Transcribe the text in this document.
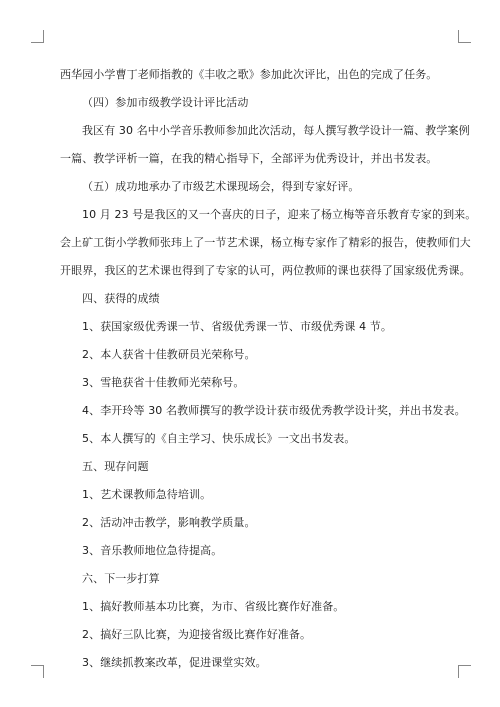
西华园小学曹丁老师指教的《丰收之歌》参加此次评比，出色的完成了任务。

（四）参加市级教学设计评比活动

我区有 30 名中小学音乐教师参加此次活动，每人撰写教学设计一篇、教学案例

一篇、教学评析一篇，在我的精心指导下，全部评为优秀设计，并出书发表。

（五）成功地承办了市级艺术课现场会，得到专家好评。

10 月 23 号是我区的又一个喜庆的日子，迎来了杨立梅等音乐教育专家的到来。

会上矿工街小学教师张玮上了一节艺术课，杨立梅专家作了精彩的报告，使教师们大

开眼界，我区的艺术课也得到了专家的认可，两位教师的课也获得了国家级优秀课。

四、获得的成绩

1、获国家级优秀课一节、省级优秀课一节、市级优秀课 4 节。

2、本人获省十佳教研员光荣称号。

3、雪艳获省十佳教师光荣称号。

4、李开玲等 30 名教师撰写的教学设计获市级优秀教学设计奖，并出书发表。

5、本人撰写的《自主学习、快乐成长》一文出书发表。

五、现存问题

1、艺术课教师急待培训。

2、活动冲击教学，影响教学质量。

3、音乐教师地位急待提高。

六、下一步打算

1、搞好教师基本功比赛，为市、省级比赛作好准备。

2、搞好三队比赛，为迎接省级比赛作好准备。

3、继续抓教案改革，促进课堂实效。
